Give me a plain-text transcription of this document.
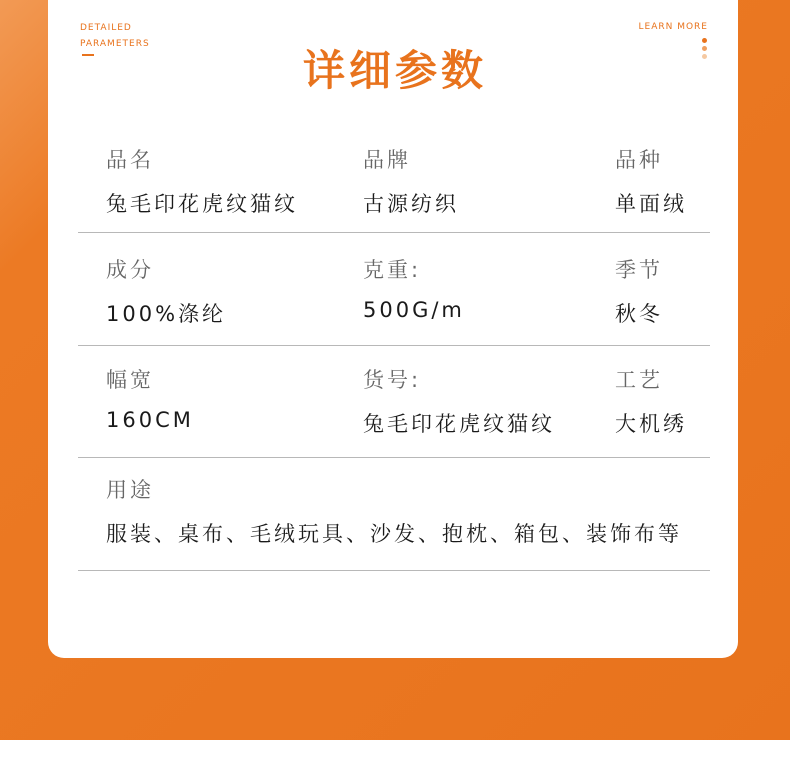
DETAILED
PARAMETERS
LEARN MORE
详细参数
品名
兔毛印花虎纹猫纹
品牌
古源纺织
品种
单面绒
成分
100%涤纶
克重:
500G/m
季节
秋冬
幅宽
160CM
货号:
兔毛印花虎纹猫纹
工艺
大机绣
用途
服装、桌布、毛绒玩具、沙发、抱枕、箱包、装饰布等
